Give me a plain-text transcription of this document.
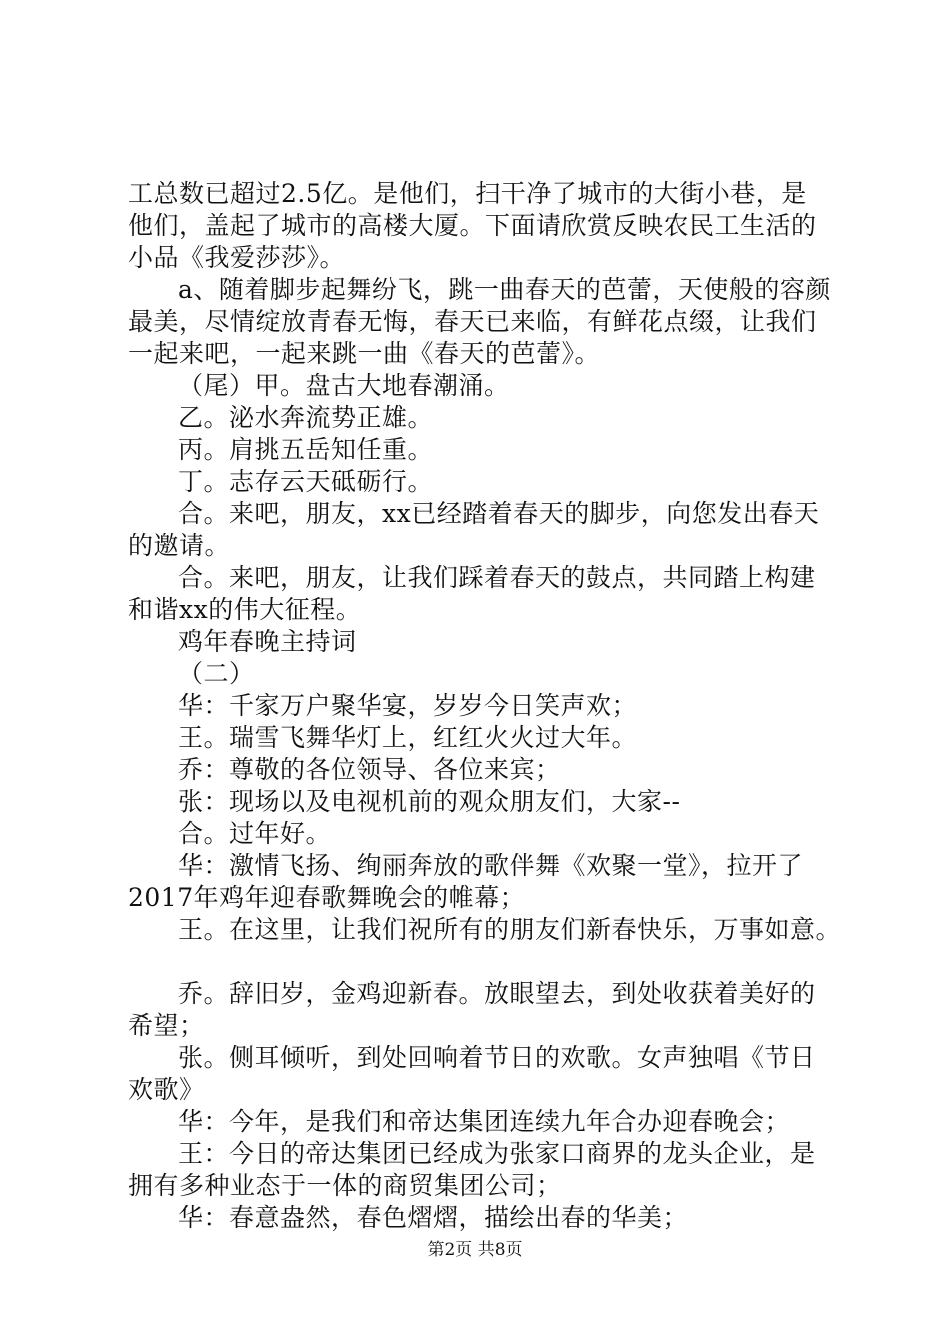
工总数已超过2.5亿。是他们，扫干净了城市的大街小巷，是
他们，盖起了城市的高楼大厦。下面请欣赏反映农民工生活的
小品《我爱莎莎》。
a、随着脚步起舞纷飞，跳一曲春天的芭蕾，天使般的容颜
最美，尽情绽放青春无悔，春天已来临，有鲜花点缀，让我们
一起来吧，一起来跳一曲《春天的芭蕾》。
（尾）甲。盘古大地春潮涌。
乙。泌水奔流势正雄。
丙。肩挑五岳知任重。
丁。志存云天砥砺行。
合。来吧，朋友，xx已经踏着春天的脚步，向您发出春天
的邀请。
合。来吧，朋友，让我们踩着春天的鼓点，共同踏上构建
和谐xx的伟大征程。
鸡年春晚主持词
（二）
华：千家万户聚华宴，岁岁今日笑声欢；
王。瑞雪飞舞华灯上，红红火火过大年。
乔：尊敬的各位领导、各位来宾；
张：现场以及电视机前的观众朋友们，大家--
合。过年好。
华：激情飞扬、绚丽奔放的歌伴舞《欢聚一堂》，拉开了
2017年鸡年迎春歌舞晚会的帷幕；
王。在这里，让我们祝所有的朋友们新春快乐，万事如意。
乔。辞旧岁，金鸡迎新春。放眼望去，到处收获着美好的
希望；
张。侧耳倾听，到处回响着节日的欢歌。女声独唱《节日
欢歌》
华：今年，是我们和帝达集团连续九年合办迎春晚会；
王：今日的帝达集团已经成为张家口商界的龙头企业，是
拥有多种业态于一体的商贸集团公司；
华：春意盎然，春色熠熠，描绘出春的华美；
第2页 共8页
